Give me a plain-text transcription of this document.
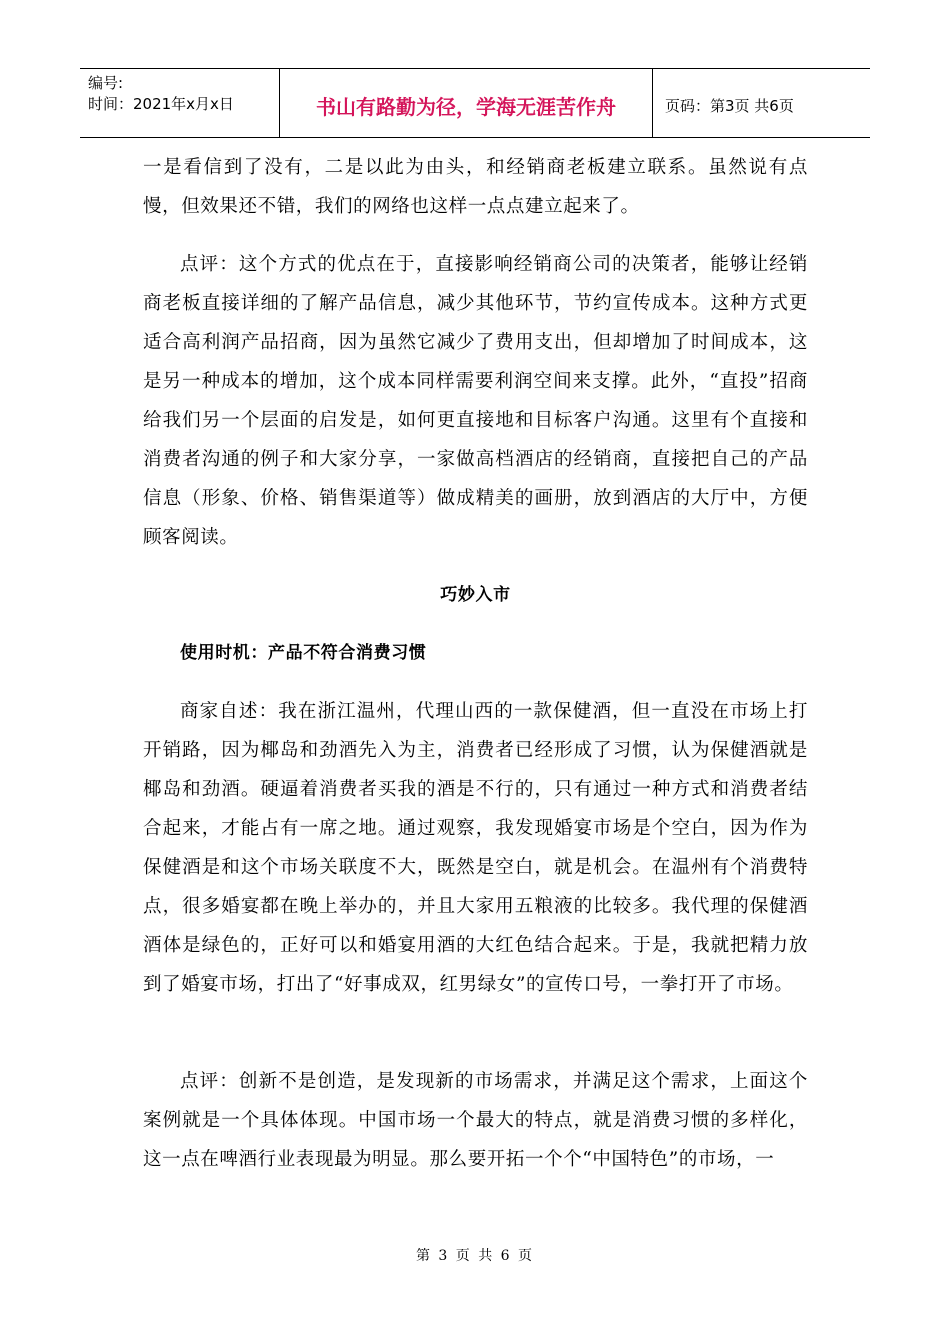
编号:
时间：2021年x月x日	书山有路勤为径，学海无涯苦作舟	页码：第3页 共6页

一是看信到了没有，二是以此为由头，和经销商老板建立联系。虽然说有点慢，但效果还不错，我们的网络也这样一点点建立起来了。

点评：这个方式的优点在于，直接影响经销商公司的决策者，能够让经销商老板直接详细的了解产品信息，减少其他环节，节约宣传成本。这种方式更适合高利润产品招商，因为虽然它减少了费用支出，但却增加了时间成本，这是另一种成本的增加，这个成本同样需要利润空间来支撑。此外，“直投”招商给我们另一个层面的启发是，如何更直接地和目标客户沟通。这里有个直接和消费者沟通的例子和大家分享，一家做高档酒店的经销商，直接把自己的产品信息（形象、价格、销售渠道等）做成精美的画册，放到酒店的大厅中，方便顾客阅读。

巧妙入市

使用时机：产品不符合消费习惯

商家自述：我在浙江温州，代理山西的一款保健酒，但一直没在市场上打开销路，因为椰岛和劲酒先入为主，消费者已经形成了习惯，认为保健酒就是椰岛和劲酒。硬逼着消费者买我的酒是不行的，只有通过一种方式和消费者结合起来，才能占有一席之地。通过观察，我发现婚宴市场是个空白，因为作为保健酒是和这个市场关联度不大，既然是空白，就是机会。在温州有个消费特点，很多婚宴都在晚上举办的，并且大家用五粮液的比较多。我代理的保健酒酒体是绿色的，正好可以和婚宴用酒的大红色结合起来。于是，我就把精力放到了婚宴市场，打出了“好事成双，红男绿女”的宣传口号，一拳打开了市场。

点评：创新不是创造，是发现新的市场需求，并满足这个需求，上面这个案例就是一个具体体现。中国市场一个最大的特点，就是消费习惯的多样化，这一点在啤酒行业表现最为明显。那么要开拓一个个“中国特色”的市场，一

第 3 页 共 6 页
